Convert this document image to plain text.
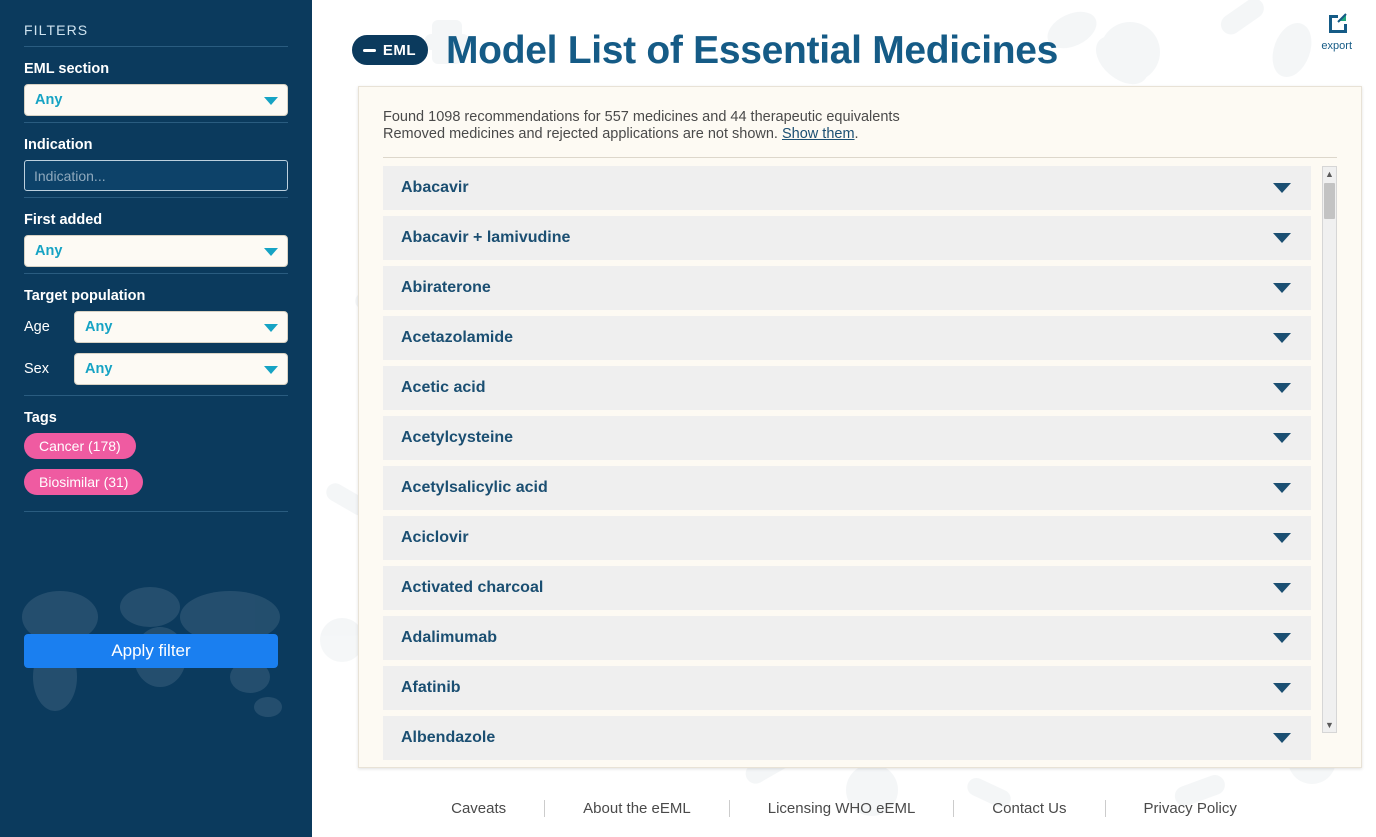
FILTERS
EML section
Any
Indication
Indication...
First added
Any
Target population
Age	Any
Sex	Any
Tags
Cancer (178)
Biosimilar (31)
Apply filter
EML Model List of Essential Medicines	export
Found 1098 recommendations for 557 medicines and 44 therapeutic equivalents
Removed medicines and rejected applications are not shown. Show them.
Abacavir
Abacavir + lamivudine
Abiraterone
Acetazolamide
Acetic acid
Acetylcysteine
Acetylsalicylic acid
Aciclovir
Activated charcoal
Adalimumab
Afatinib
Albendazole
▲
▼
Caveats	About the eEML	Licensing WHO eEML	Contact Us	Privacy Policy
